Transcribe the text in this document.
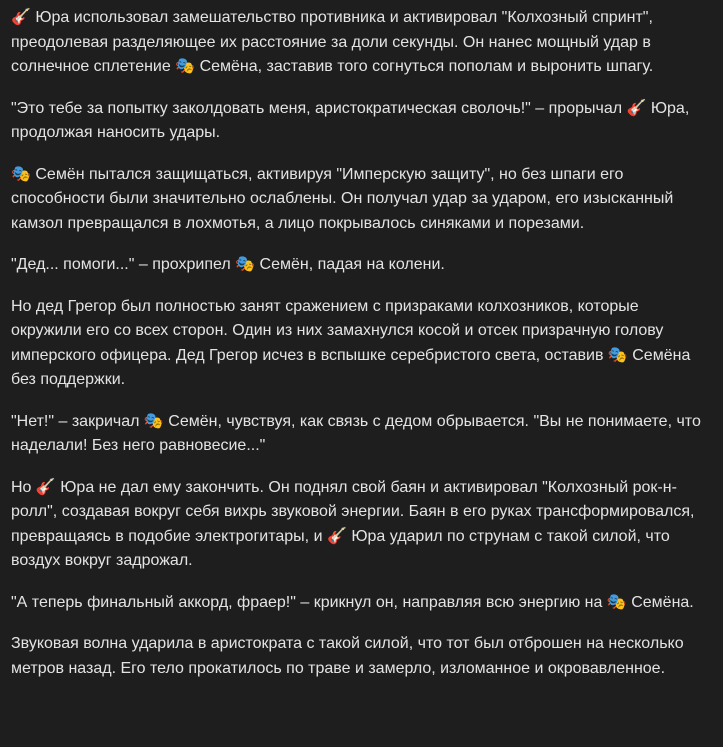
🎸 Юра использовал замешательство противника и активировал "Колхозный спринт", преодолевая разделяющее их расстояние за доли секунды. Он нанес мощный удар в солнечное сплетение 🎭 Семёна, заставив того согнуться пополам и выронить шпагу.

"Это тебе за попытку заколдовать меня, аристократическая сволочь!" – прорычал 🎸 Юра, продолжая наносить удары.

🎭 Семён пытался защищаться, активируя "Имперскую защиту", но без шпаги его способности были значительно ослаблены. Он получал удар за ударом, его изысканный камзол превращался в лохмотья, а лицо покрывалось синяками и порезами.

"Дед... помоги..." – прохрипел 🎭 Семён, падая на колени.

Но дед Грегор был полностью занят сражением с призраками колхозников, которые окружили его со всех сторон. Один из них замахнулся косой и отсек призрачную голову имперского офицера. Дед Грегор исчез в вспышке серебристого света, оставив 🎭 Семёна без поддержки.

"Нет!" – закричал 🎭 Семён, чувствуя, как связь с дедом обрывается. "Вы не понимаете, что наделали! Без него равновесие..."

Но 🎸 Юра не дал ему закончить. Он поднял свой баян и активировал "Колхозный рок-н-ролл", создавая вокруг себя вихрь звуковой энергии. Баян в его руках трансформировался, превращаясь в подобие электрогитары, и 🎸 Юра ударил по струнам с такой силой, что воздух вокруг задрожал.

"А теперь финальный аккорд, фраер!" – крикнул он, направляя всю энергию на 🎭 Семёна.

Звуковая волна ударила в аристократа с такой силой, что тот был отброшен на несколько метров назад. Его тело прокатилось по траве и замерло, изломанное и окровавленное.
